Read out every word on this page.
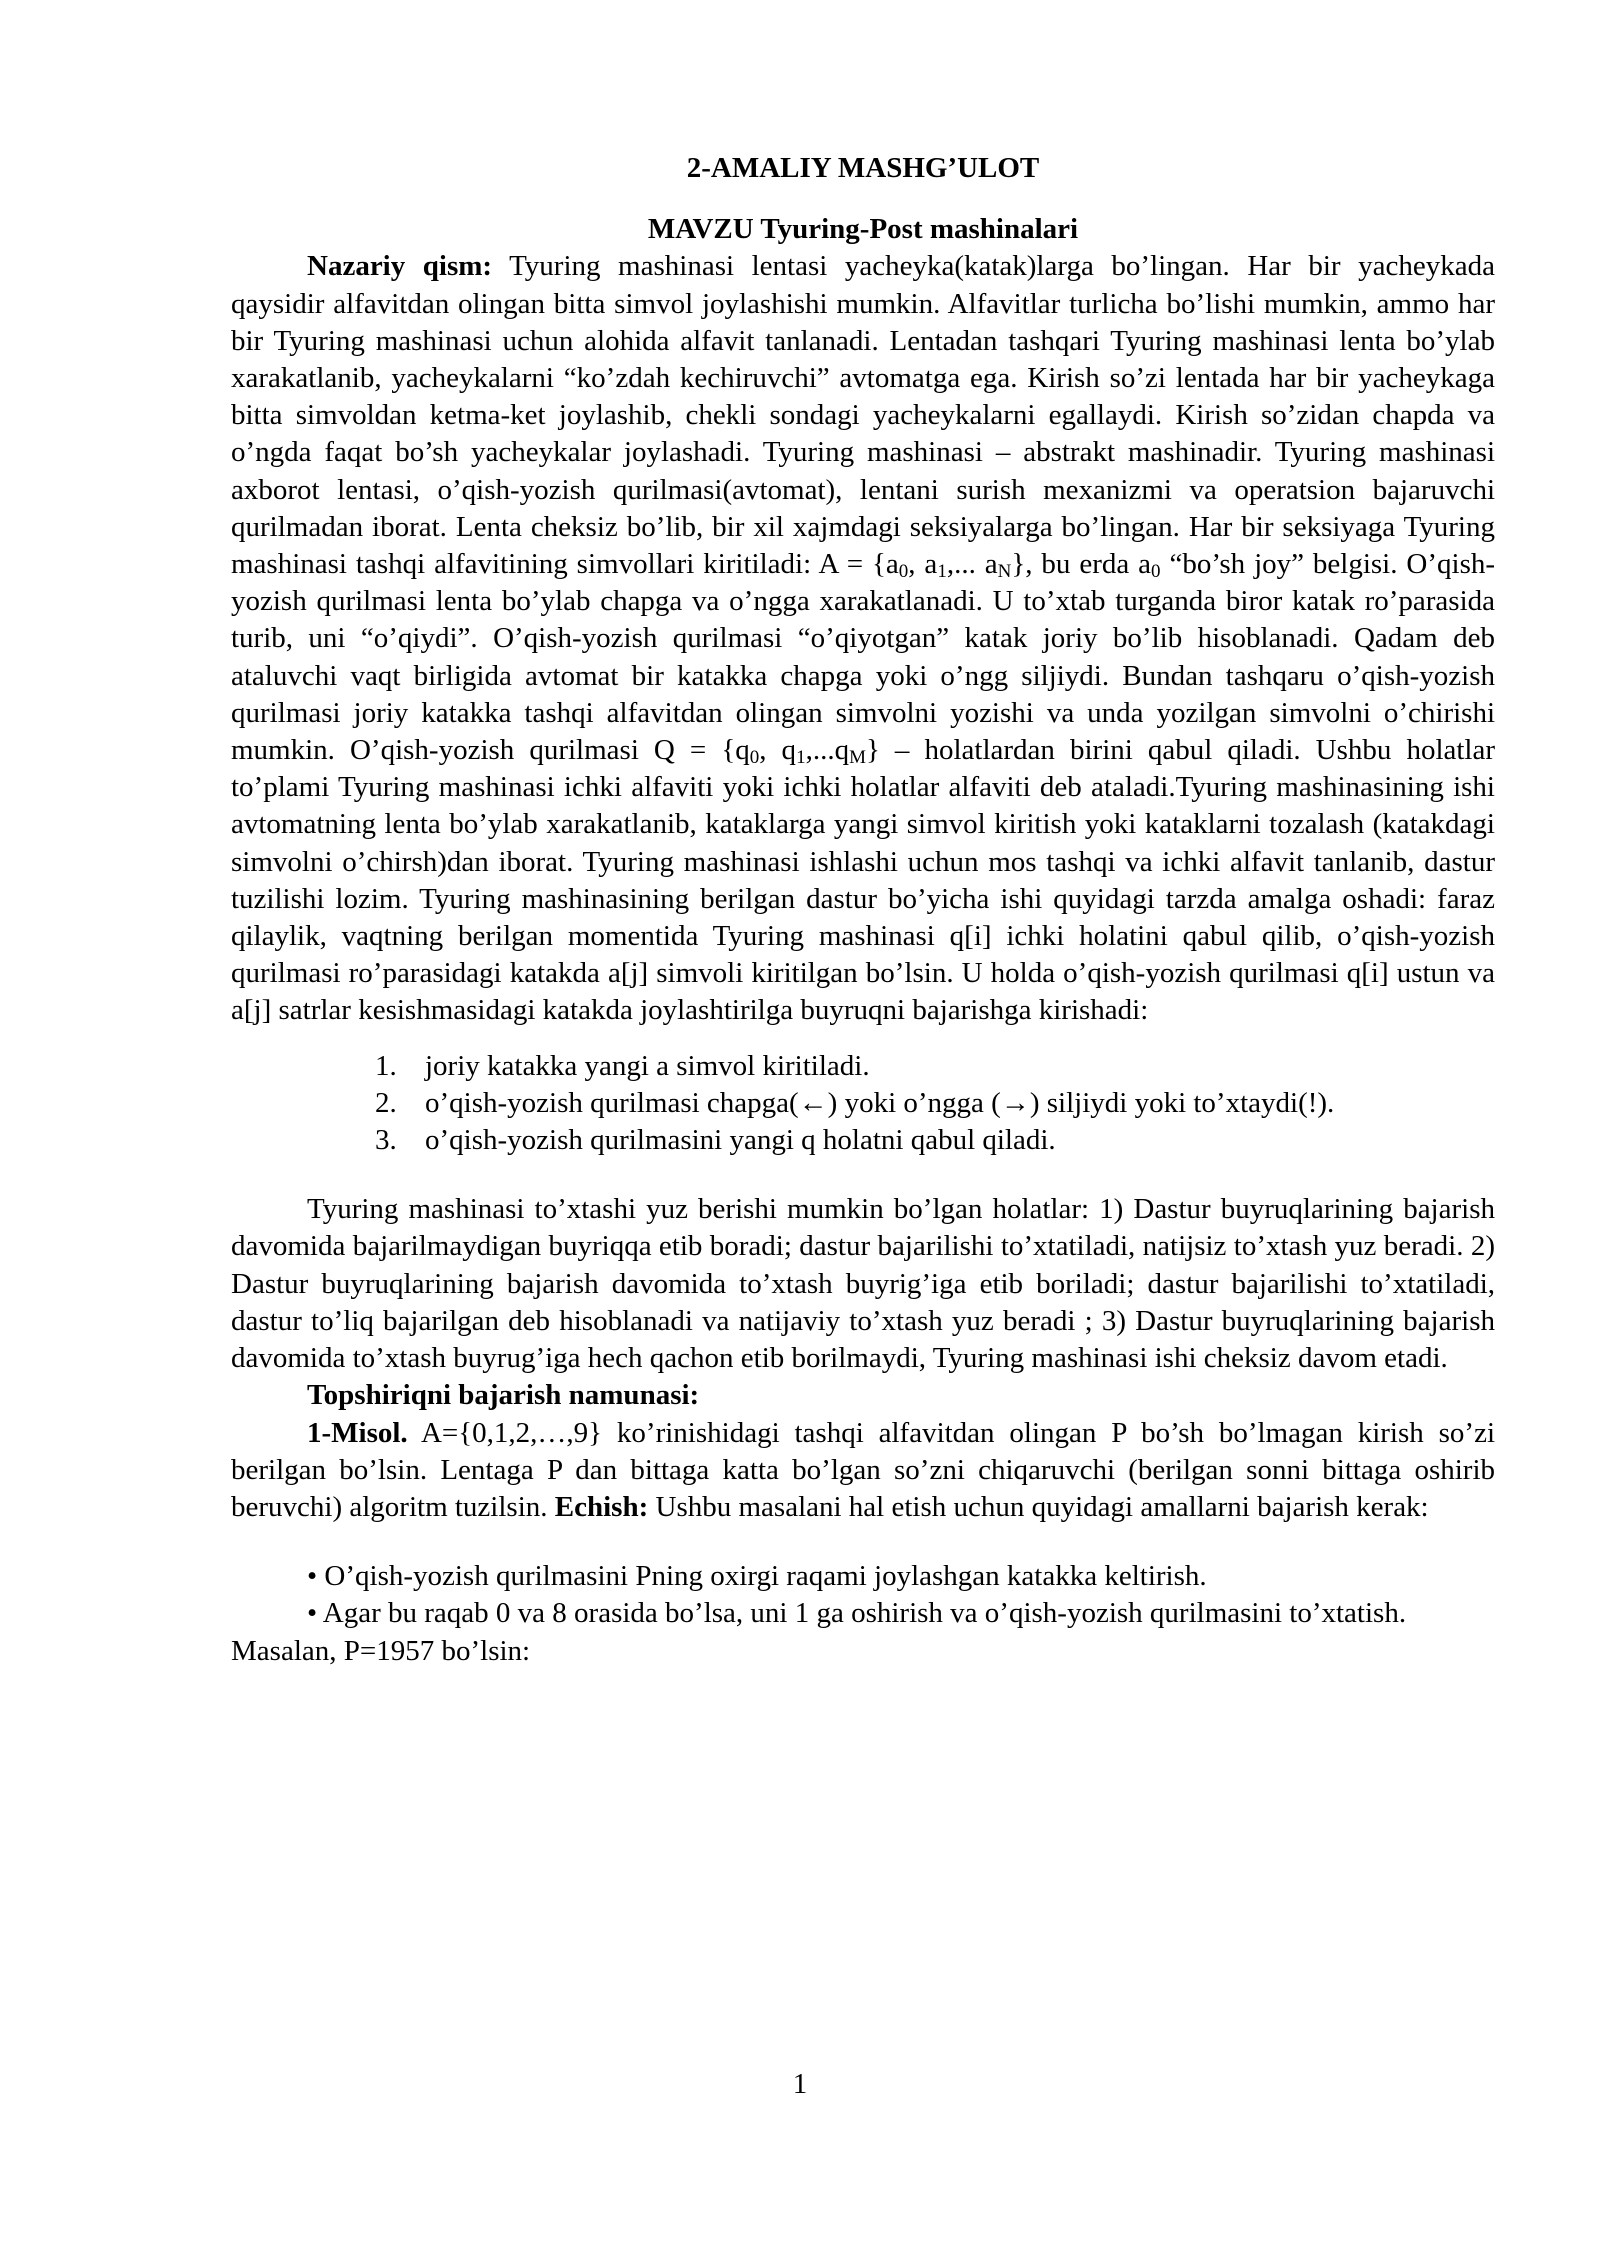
2-AMALIY MASHG’ULOT

MAVZU Tyuring-Post mashinalari

Nazariy qism: Tyuring mashinasi lentasi yacheyka(katak)larga bo’lingan. Har bir yacheykada qaysidir alfavitdan olingan bitta simvol joylashishi mumkin. Alfavitlar turlicha bo’lishi mumkin, ammo har bir Tyuring mashinasi uchun alohida alfavit tanlanadi. Lentadan tashqari Tyuring mashinasi lenta bo’ylab xarakatlanib, yacheykalarni “ko’zdah kechiruvchi” avtomatga ega. Kirish so’zi lentada har bir yacheykaga bitta simvoldan ketma-ket joylashib, chekli sondagi yacheykalarni egallaydi. Kirish so’zidan chapda va o’ngda faqat bo’sh yacheykalar joylashadi. Tyuring mashinasi – abstrakt mashinadir. Tyuring mashinasi axborot lentasi, o’qish-yozish qurilmasi(avtomat), lentani surish mexanizmi va operatsion bajaruvchi qurilmadan iborat. Lenta cheksiz bo’lib, bir xil xajmdagi seksiyalarga bo’lingan. Har bir seksiyaga Tyuring mashinasi tashqi alfavitining simvollari kiritiladi: $A = \{a_0$, $a_1$,... $a_N$}, bu erda $a_0$ “bo’sh joy” belgisi. O’qish-yozish qurilmasi lenta bo’ylab chapga va o’ngga xarakatlanadi. U to’xtab turganda biror katak ro’parasida turib, uni “o’qiydi”. O’qish-yozish qurilmasi “o’qiyotgan” katak joriy bo’lib hisoblanadi. Qadam deb ataluvchi vaqt birligida avtomat bir katakka chapga yoki o’ngg siljiydi. Bundan tashqaru o’qish-yozish qurilmasi joriy katakka tashqi alfavitdan olingan simvolni yozishi va unda yozilgan simvolni o’chirishi mumkin. O’qish-yozish qurilmasi $Q = \{q_0$, $q_1,...q_M$} – holatlardan birini qabul qiladi. Ushbu holatlar to’plami Tyuring mashinasi ichki alfaviti yoki ichki holatlar alfaviti deb ataladi.Tyuring mashinasining ishi avtomatning lenta bo’ylab xarakatlanib, kataklarga yangi simvol kiritish yoki kataklarni tozalash (katakdagi simvolni o’chirsh)dan iborat. Tyuring mashinasi ishlashi uchun mos tashqi va ichki alfavit tanlanib, dastur tuzilishi lozim. Tyuring mashinasining berilgan dastur bo’yicha ishi quyidagi tarzda amalga oshadi: faraz qilaylik, vaqtning berilgan momentida Tyuring mashinasi q[i] ichki holatini qabul qilib, o’qish-yozish qurilmasi ro’parasidagi katakda a[j] simvoli kiritilgan bo’lsin. U holda o’qish-yozish qurilmasi q[i] ustun va a[j] satrlar kesishmasidagi katakda joylashtirilga buyruqni bajarishga kirishadi:

1. joriy katakka yangi a simvol kiritiladi.
2. o’qish-yozish qurilmasi chapga(←) yoki o’ngga (→) siljiydi yoki to’xtaydi(!).
3. o’qish-yozish qurilmasini yangi q holatni qabul qiladi.

Tyuring mashinasi to’xtashi yuz berishi mumkin bo’lgan holatlar: 1) Dastur buyruqlarining bajarish davomida bajarilmaydigan buyriqqa etib boradi; dastur bajarilishi to’xtatiladi, natijsiz to’xtash yuz beradi. 2) Dastur buyruqlarining bajarish davomida to’xtash buyrig’iga etib boriladi; dastur bajarilishi to’xtatiladi, dastur to’liq bajarilgan deb hisoblanadi va natijaviy to’xtash yuz beradi ; 3) Dastur buyruqlarining bajarish davomida to’xtash buyrug’iga hech qachon etib borilmaydi, Tyuring mashinasi ishi cheksiz davom etadi.

Topshiriqni bajarish namunasi:

1-Misol. A={0,1,2,…,9} ko’rinishidagi tashqi alfavitdan olingan P bo’sh bo’lmagan kirish so’zi berilgan bo’lsin. Lentaga P dan bittaga katta bo’lgan so’zni chiqaruvchi (berilgan sonni bittaga oshirib beruvchi) algoritm tuzilsin. Echish: Ushbu masalani hal etish uchun quyidagi amallarni bajarish kerak:

• O’qish-yozish qurilmasini Pning oxirgi raqami joylashgan katakka keltirish.

• Agar bu raqab 0 va 8 orasida bo’lsa, uni 1 ga oshirish va o’qish-yozish qurilmasini to’xtatish. Masalan, P=1957 bo’lsin:

1
